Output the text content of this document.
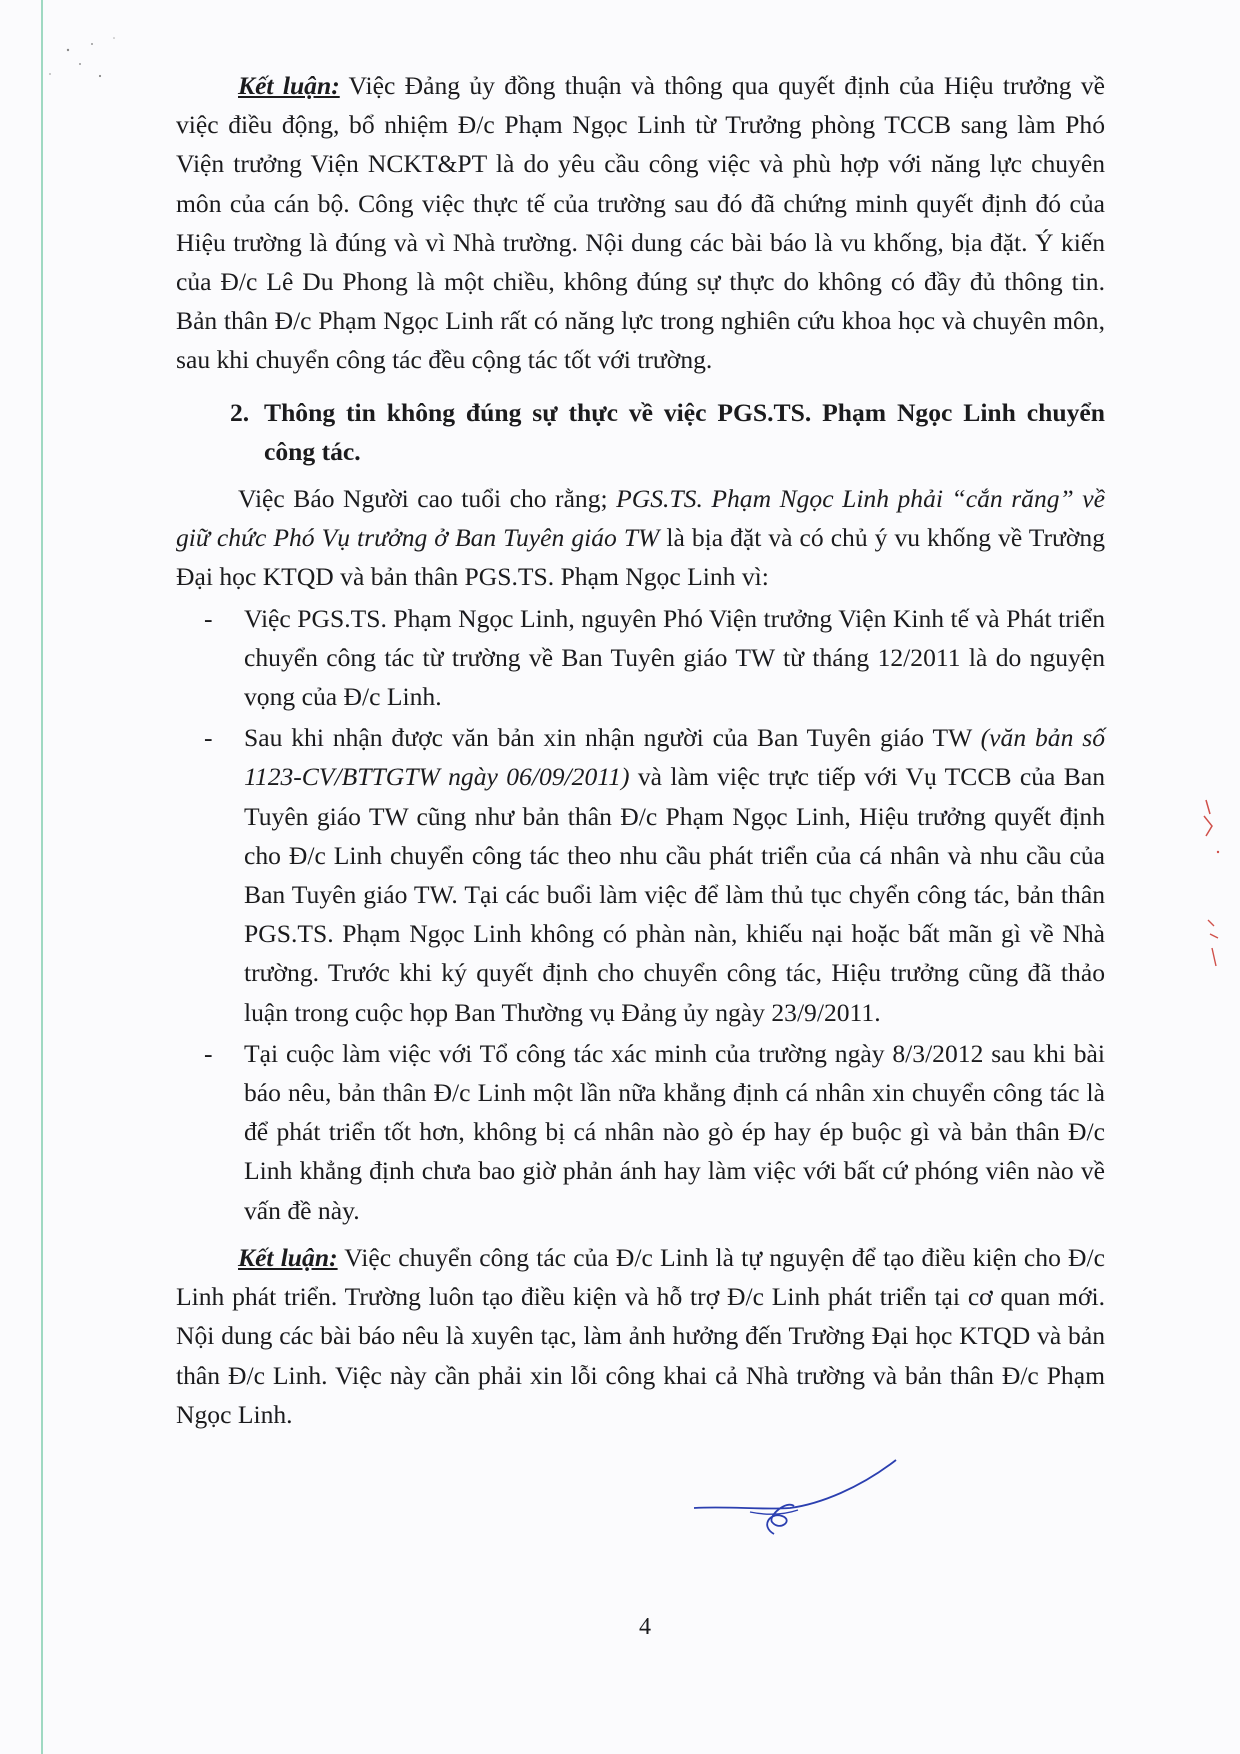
Kết luận: Việc Đảng ủy đồng thuận và thông qua quyết định của Hiệu trưởng về việc điều động, bổ nhiệm Đ/c Phạm Ngọc Linh từ Trưởng phòng TCCB sang làm Phó Viện trưởng Viện NCKT&PT là do yêu cầu công việc và phù hợp với năng lực chuyên môn của cán bộ. Công việc thực tế của trường sau đó đã chứng minh quyết định đó của Hiệu trường là đúng và vì Nhà trường. Nội dung các bài báo là vu khống, bịa đặt. Ý kiến của Đ/c Lê Du Phong là một chiều, không đúng sự thực do không có đầy đủ thông tin. Bản thân Đ/c Phạm Ngọc Linh rất có năng lực trong nghiên cứu khoa học và chuyên môn, sau khi chuyển công tác đều cộng tác tốt với trường.

2. Thông tin không đúng sự thực về việc PGS.TS. Phạm Ngọc Linh chuyển công tác.

Việc Báo Người cao tuổi cho rằng; PGS.TS. Phạm Ngọc Linh phải “cắn răng” về giữ chức Phó Vụ trưởng ở Ban Tuyên giáo TW là bịa đặt và có chủ ý vu khống về Trường Đại học KTQD và bản thân PGS.TS. Phạm Ngọc Linh vì:

-	Việc PGS.TS. Phạm Ngọc Linh, nguyên Phó Viện trưởng Viện Kinh tế và Phát triển chuyển công tác từ trường về Ban Tuyên giáo TW từ tháng 12/2011 là do nguyện vọng của Đ/c Linh.

-	Sau khi nhận được văn bản xin nhận người của Ban Tuyên giáo TW (văn bản số 1123-CV/BTTGTW ngày 06/09/2011) và làm việc trực tiếp với Vụ TCCB của Ban Tuyên giáo TW cũng như bản thân Đ/c Phạm Ngọc Linh, Hiệu trưởng quyết định cho Đ/c Linh chuyển công tác theo nhu cầu phát triển của cá nhân và nhu cầu của Ban Tuyên giáo TW. Tại các buổi làm việc để làm thủ tục chyển công tác, bản thân PGS.TS. Phạm Ngọc Linh không có phàn nàn, khiếu nại hoặc bất mãn gì về Nhà trường. Trước khi ký quyết định cho chuyển công tác, Hiệu trưởng cũng đã thảo luận trong cuộc họp Ban Thường vụ Đảng ủy ngày 23/9/2011.

-	Tại cuộc làm việc với Tổ công tác xác minh của trường ngày 8/3/2012 sau khi bài báo nêu, bản thân Đ/c Linh một lần nữa khẳng định cá nhân xin chuyển công tác là để phát triển tốt hơn, không bị cá nhân nào gò ép hay ép buộc gì và bản thân Đ/c Linh khẳng định chưa bao giờ phản ánh hay làm việc với bất cứ phóng viên nào về vấn đề này.

Kết luận: Việc chuyển công tác của Đ/c Linh là tự nguyện để tạo điều kiện cho Đ/c Linh phát triển. Trường luôn tạo điều kiện và hỗ trợ Đ/c Linh phát triển tại cơ quan mới. Nội dung các bài báo nêu là xuyên tạc, làm ảnh hưởng đến Trường Đại học KTQD và bản thân Đ/c Linh. Việc này cần phải xin lỗi công khai cả Nhà trường và bản thân Đ/c Phạm Ngọc Linh.

4
